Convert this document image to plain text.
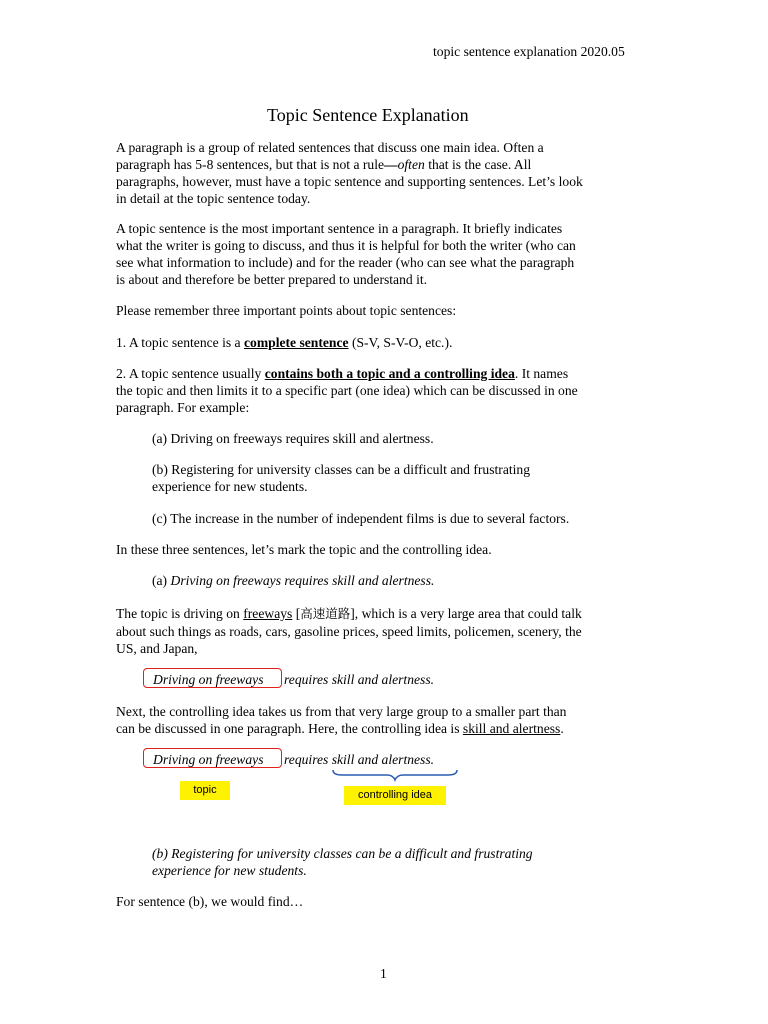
topic sentence explanation 2020.05
Topic Sentence Explanation
A paragraph is a group of related sentences that discuss one main idea. Often a
paragraph has 5-8 sentences, but that is not a rule—often that is the case. All
paragraphs, however, must have a topic sentence and supporting sentences. Let’s look
in detail at the topic sentence today.
A topic sentence is the most important sentence in a paragraph. It briefly indicates
what the writer is going to discuss, and thus it is helpful for both the writer (who can
see what information to include) and for the reader (who can see what the paragraph
is about and therefore be better prepared to understand it.
Please remember three important points about topic sentences:
1. A topic sentence is a complete sentence (S-V, S-V-O, etc.).
2. A topic sentence usually contains both a topic and a controlling idea. It names
the topic and then limits it to a specific part (one idea) which can be discussed in one
paragraph. For example:
(a) Driving on freeways requires skill and alertness.
(b) Registering for university classes can be a difficult and frustrating
experience for new students.
(c) The increase in the number of independent films is due to several factors.
In these three sentences, let’s mark the topic and the controlling idea.
(a) Driving on freeways requires skill and alertness.
The topic is driving on freeways [高速道路], which is a very large area that could talk
about such things as roads, cars, gasoline prices, speed limits, policemen, scenery, the
US, and Japan,
Driving on freeways requires skill and alertness.
Next, the controlling idea takes us from that very large group to a smaller part than
can be discussed in one paragraph. Here, the controlling idea is skill and alertness.
Driving on freeways requires skill and alertness.
topic	controlling idea
(b) Registering for university classes can be a difficult and frustrating
experience for new students.
For sentence (b), we would find…
1
